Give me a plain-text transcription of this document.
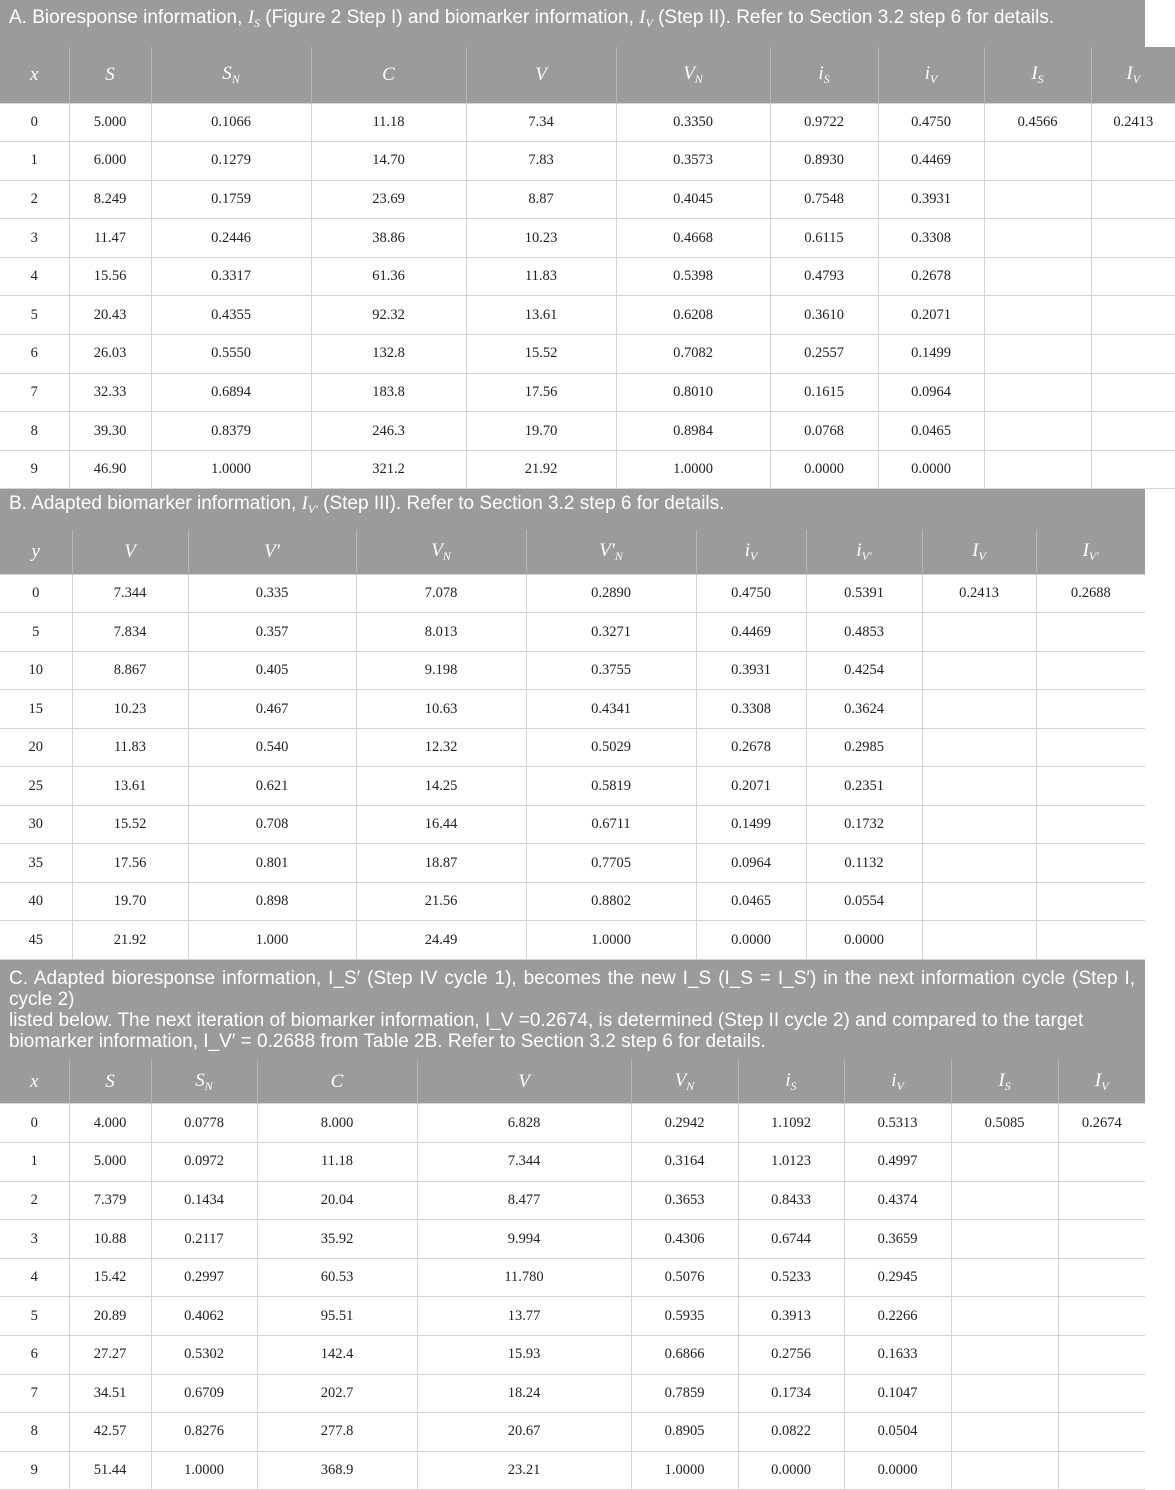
A. Bioresponse information, $I_S$ (Figure 2 Step I) and biomarker information, $I_V$ (Step II). Refer to Section 3.2 step 6 for details.
x	S	$S_N$	C	V	$V_N$	$i_S$	$i_V$	$I_S$	$I_V$
0	5.000	0.1066	11.18	7.34	0.3350	0.9722	0.4750	0.4566	0.2413
1	6.000	0.1279	14.70	7.83	0.3573	0.8930	0.4469		
2	8.249	0.1759	23.69	8.87	0.4045	0.7548	0.3931		
3	11.47	0.2446	38.86	10.23	0.4668	0.6115	0.3308		
4	15.56	0.3317	61.36	11.83	0.5398	0.4793	0.2678		
5	20.43	0.4355	92.32	13.61	0.6208	0.3610	0.2071		
6	26.03	0.5550	132.8	15.52	0.7082	0.2557	0.1499		
7	32.33	0.6894	183.8	17.56	0.8010	0.1615	0.0964		
8	39.30	0.8379	246.3	19.70	0.8984	0.0768	0.0465		
9	46.90	1.0000	321.2	21.92	1.0000	0.0000	0.0000		
B. Adapted biomarker information, $I_{V'}$ (Step III). Refer to Section 3.2 step 6 for details.
y	V	V′	$V_N$	$V'_N$	$i_V$	$i_{V'}$	$I_V$	$I_{V'}$
0	7.344	0.335	7.078	0.2890	0.4750	0.5391	0.2413	0.2688
5	7.834	0.357	8.013	0.3271	0.4469	0.4853		
10	8.867	0.405	9.198	0.3755	0.3931	0.4254		
15	10.23	0.467	10.63	0.4341	0.3308	0.3624		
20	11.83	0.540	12.32	0.5029	0.2678	0.2985		
25	13.61	0.621	14.25	0.5819	0.2071	0.2351		
30	15.52	0.708	16.44	0.6711	0.1499	0.1732		
35	17.56	0.801	18.87	0.7705	0.0964	0.1132		
40	19.70	0.898	21.56	0.8802	0.0465	0.0554		
45	21.92	1.000	24.49	1.0000	0.0000	0.0000		
C. Adapted bioresponse information, I_S′ (Step IV cycle 1), becomes the new I_S (I_S = I_S′) in the next information cycle (Step I, cycle 2)
listed below. The next iteration of biomarker information, I_V =0.2674, is determined (Step II cycle 2) and compared to the target
biomarker information, I_V′ = 0.2688 from Table 2B. Refer to Section 3.2 step 6 for details.
x	S	$S_N$	C	V	$V_N$	$i_S$	$i_V$	$I_S$	$I_V$
0	4.000	0.0778	8.000	6.828	0.2942	1.1092	0.5313	0.5085	0.2674
1	5.000	0.0972	11.18	7.344	0.3164	1.0123	0.4997		
2	7.379	0.1434	20.04	8.477	0.3653	0.8433	0.4374		
3	10.88	0.2117	35.92	9.994	0.4306	0.6744	0.3659		
4	15.42	0.2997	60.53	11.780	0.5076	0.5233	0.2945		
5	20.89	0.4062	95.51	13.77	0.5935	0.3913	0.2266		
6	27.27	0.5302	142.4	15.93	0.6866	0.2756	0.1633		
7	34.51	0.6709	202.7	18.24	0.7859	0.1734	0.1047		
8	42.57	0.8276	277.8	20.67	0.8905	0.0822	0.0504		
9	51.44	1.0000	368.9	23.21	1.0000	0.0000	0.0000		
